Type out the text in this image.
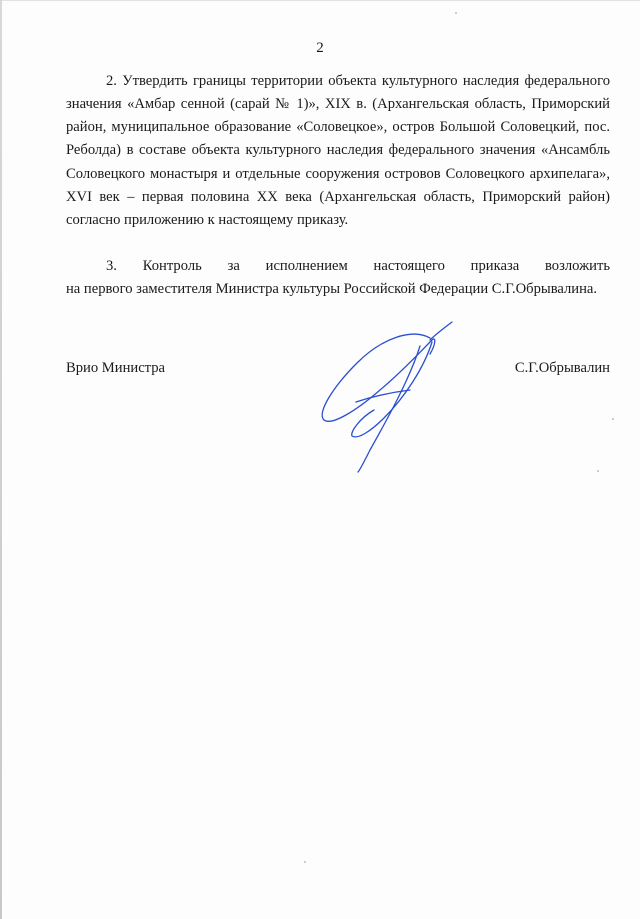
2

2. Утвердить границы территории объекта культурного наследия федерального значения «Амбар сенной (сарай № 1)», XIX в. (Архангельская область, Приморский район, муниципальное образование «Соловецкое», остров Большой Соловецкий, пос. Реболда) в составе объекта культурного наследия федерального значения «Ансамбль Соловецкого монастыря и отдельные сооружения островов Соловецкого архипелага», XVI век – первая половина XX века (Архангельская область, Приморский район) согласно приложению к настоящему приказу.

3. Контроль за исполнением настоящего приказа возложить

на первого заместителя Министра культуры Российской Федерации С.Г.Обрывалина.

Врио Министра	С.Г.Обрывалин
